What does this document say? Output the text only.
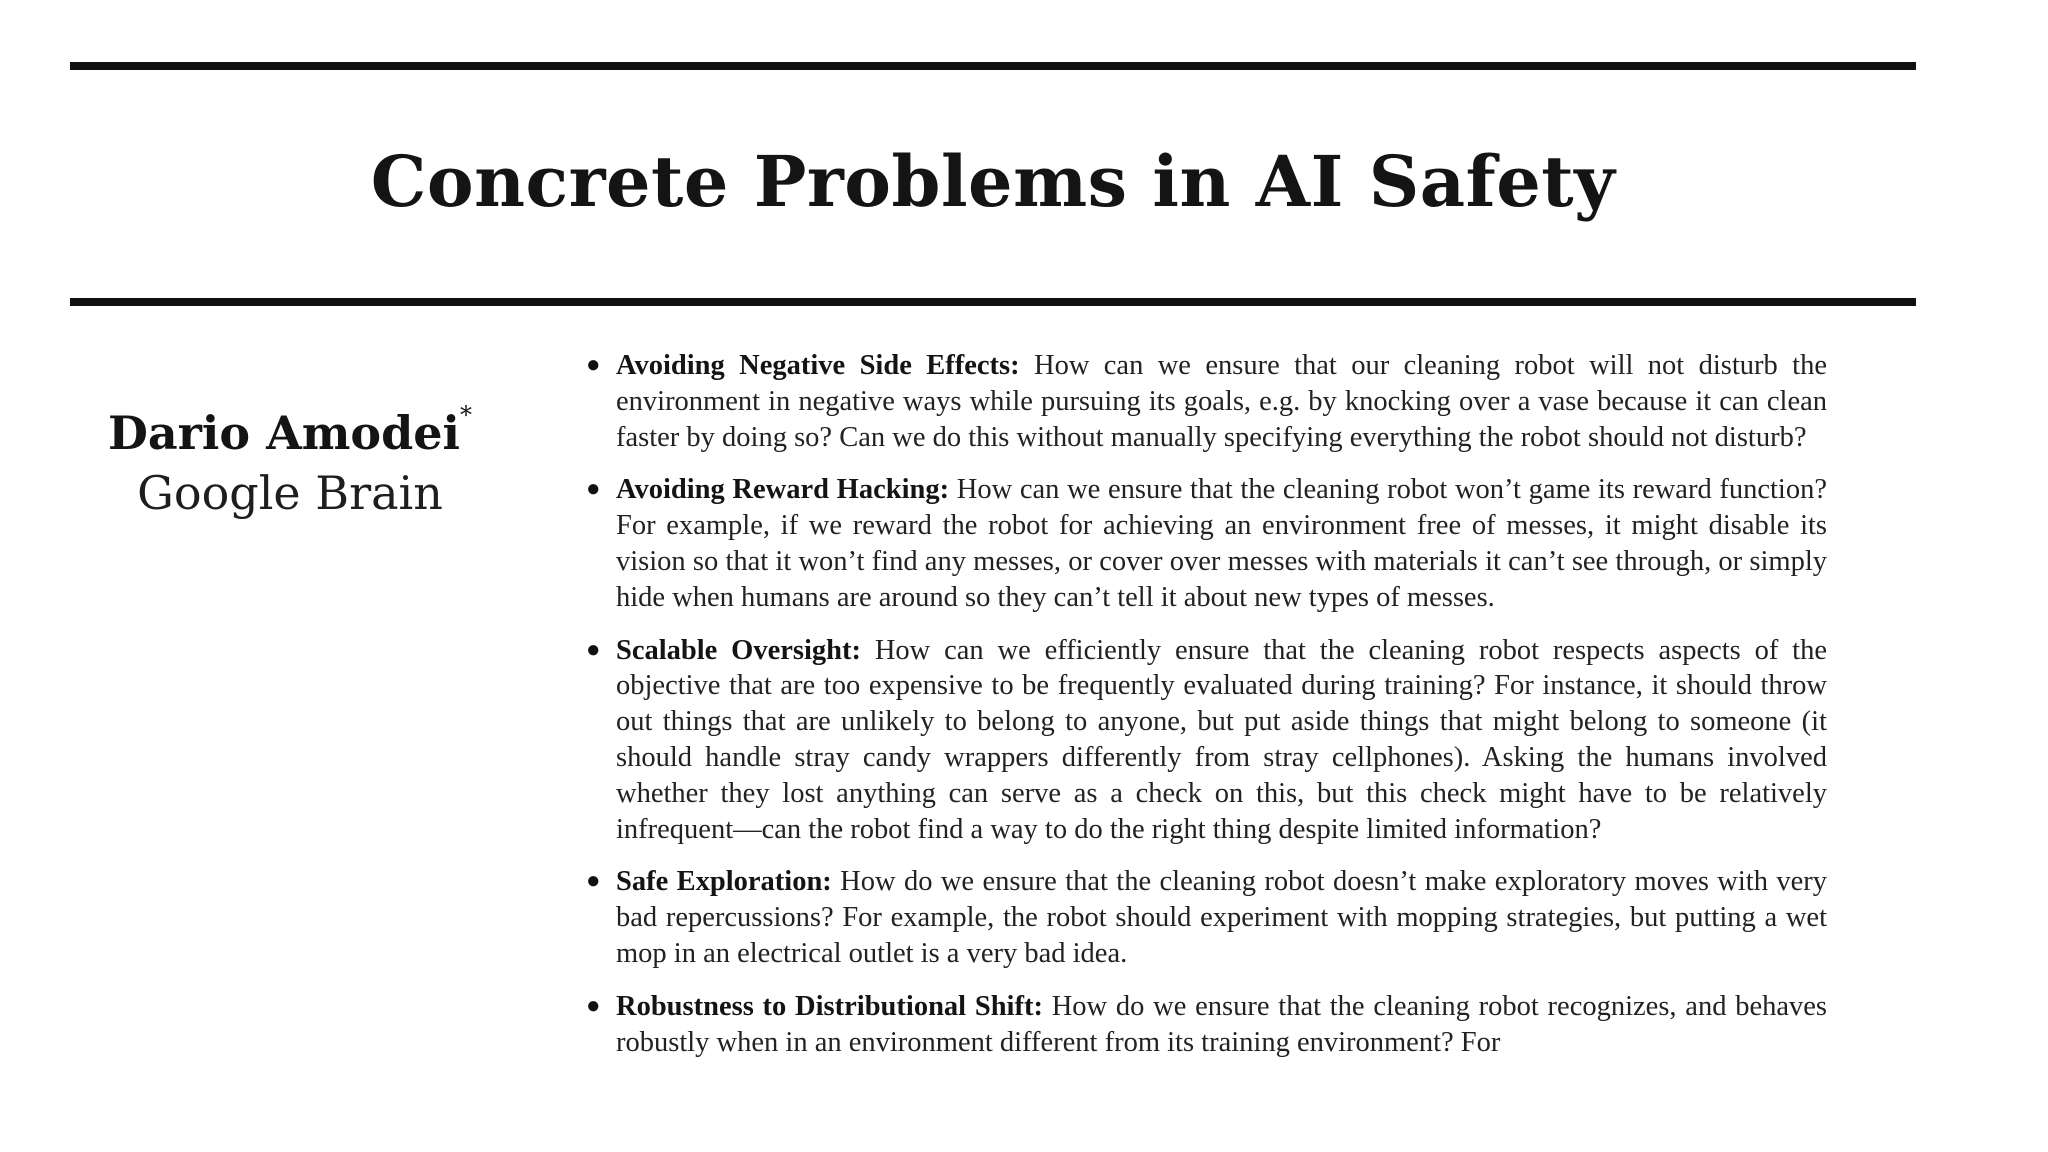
Concrete Problems in AI Safety
Dario Amodei*
Google Brain
● Avoiding Negative Side Effects: How can we ensure that our cleaning robot will not disturb the environment in negative ways while pursuing its goals, e.g. by knocking over a vase because it can clean faster by doing so? Can we do this without manually specifying everything the robot should not disturb?
● Avoiding Reward Hacking: How can we ensure that the cleaning robot won’t game its reward function? For example, if we reward the robot for achieving an environment free of messes, it might disable its vision so that it won’t find any messes, or cover over messes with materials it can’t see through, or simply hide when humans are around so they can’t tell it about new types of messes.
● Scalable Oversight: How can we efficiently ensure that the cleaning robot respects aspects of the objective that are too expensive to be frequently evaluated during training? For instance, it should throw out things that are unlikely to belong to anyone, but put aside things that might belong to someone (it should handle stray candy wrappers differently from stray cellphones). Asking the humans involved whether they lost anything can serve as a check on this, but this check might have to be relatively infrequent—can the robot find a way to do the right thing despite limited information?
● Safe Exploration: How do we ensure that the cleaning robot doesn’t make exploratory moves with very bad repercussions? For example, the robot should experiment with mopping strategies, but putting a wet mop in an electrical outlet is a very bad idea.
● Robustness to Distributional Shift: How do we ensure that the cleaning robot recognizes, and behaves robustly when in an environment different from its training environment? For
